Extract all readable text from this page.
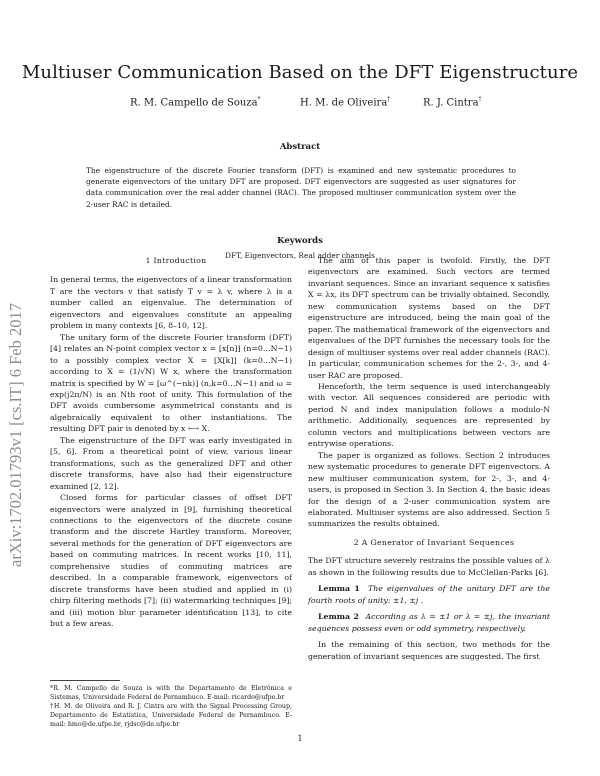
arXiv:1702.01793v1 [cs.IT] 6 Feb 2017
Multiuser Communication Based on the DFT Eigenstructure
R. M. Campello de Souza*	H. M. de Oliveira†	R. J. Cintra†
Abstract
The eigenstructure of the discrete Fourier transform (DFT) is examined and new systematic procedures to generate eigenvectors of the unitary DFT are proposed. DFT eigenvectors are suggested as user signatures for data communication over the real adder channel (RAC). The proposed multiuser communication system over the 2-user RAC is detailed.
Keywords
DFT, Eigenvectors, Real adder channels

1 Introduction

In general terms, the eigenvectors of a linear transformation T are the vectors v that satisfy T v = λ v, where λ is a number called an eigenvalue. The determination of eigenvectors and eigenvalues constitute an appealing problem in many contexts [6, 8–10, 12].

The unitary form of the discrete Fourier transform (DFT) [4] relates an N-point complex vector x = [x[n]] (n=0…N−1) to a possibly complex vector X = [X[k]] (k=0…N−1) according to X = (1/√N) W x, where the transformation matrix is specified by W = [ω^(−nk)] (n,k=0…N−1) and ω = exp(j2π/N) is an Nth root of unity. This formulation of the DFT avoids cumbersome asymmetrical constants and is algebraically equivalent to other instantiations. The resulting DFT pair is denoted by x ⟷ X.

The eigenstructure of the DFT was early investigated in [5, 6]. From a theoretical point of view, various linear transformations, such as the generalized DFT and other discrete transforms, have also had their eigenstructure examined [2, 12].

Closed forms for particular classes of offset DFT eigenvectors were analyzed in [9], furnishing theoretical connections to the eigenvectors of the discrete cosine transform and the discrete Hartley transform. Moreover, several methods for the generation of DFT eigenvectors are based on commuting matrices. In recent works [10, 11], comprehensive studies of commuting matrices are described. In a comparable framework, eigenvectors of discrete transforms have been studied and applied in (i) chirp filtering methods [7]; (ii) watermarking techniques [9]; and (iii) motion blur parameter identification [13], to cite but a few areas.

*R. M. Campello de Souza is with the Departamento de Eletrônica e Sistemas, Universidade Federal de Pernambuco. E-mail: ricardo@ufpe.br
†H. M. de Oliveira and R. J. Cintra are with the Signal Processing Group, Departamento de Estatística, Universidade Federal de Pernambuco. E-mail: hmo@de.ufpe.br, rjdsc@de.ufpe.br

The aim of this paper is twofold. Firstly, the DFT eigenvectors are examined. Such vectors are termed invariant sequences. Since an invariant sequence x satisfies X = λx, its DFT spectrum can be trivially obtained. Secondly, new communication systems based on the DFT eigenstructure are introduced, being the main goal of the paper. The mathematical framework of the eigenvectors and eigenvalues of the DFT furnishes the necessary tools for the design of multiuser systems over real adder channels (RAC). In particular, communication schemes for the 2-, 3-, and 4-user RAC are proposed.

Henceforth, the term sequence is used interchangeably with vector. All sequences considered are periodic with period N and index manipulation follows a modulo-N arithmetic. Additionally, sequences are represented by column vectors and multiplications between vectors are entrywise operations.

The paper is organized as follows. Section 2 introduces new systematic procedures to generate DFT eigenvectors. A new multiuser communication system, for 2-, 3-, and 4-users, is proposed in Section 3. In Section 4, the basic ideas for the design of a 2-user communication system are elaborated. Multiuser systems are also addressed. Section 5 summarizes the results obtained.

2 A Generator of Invariant Sequences

The DFT structure severely restrains the possible values of λ as shown in the following results due to McClellan-Parks [6].

Lemma 1 The eigenvalues of the unitary DFT are the fourth roots of unity: ±1, ±j .

Lemma 2 According as λ = ±1 or λ = ±j, the invariant sequences possess even or odd symmetry, respectively.

In the remaining of this section, two methods for the generation of invariant sequences are suggested. The first

1
